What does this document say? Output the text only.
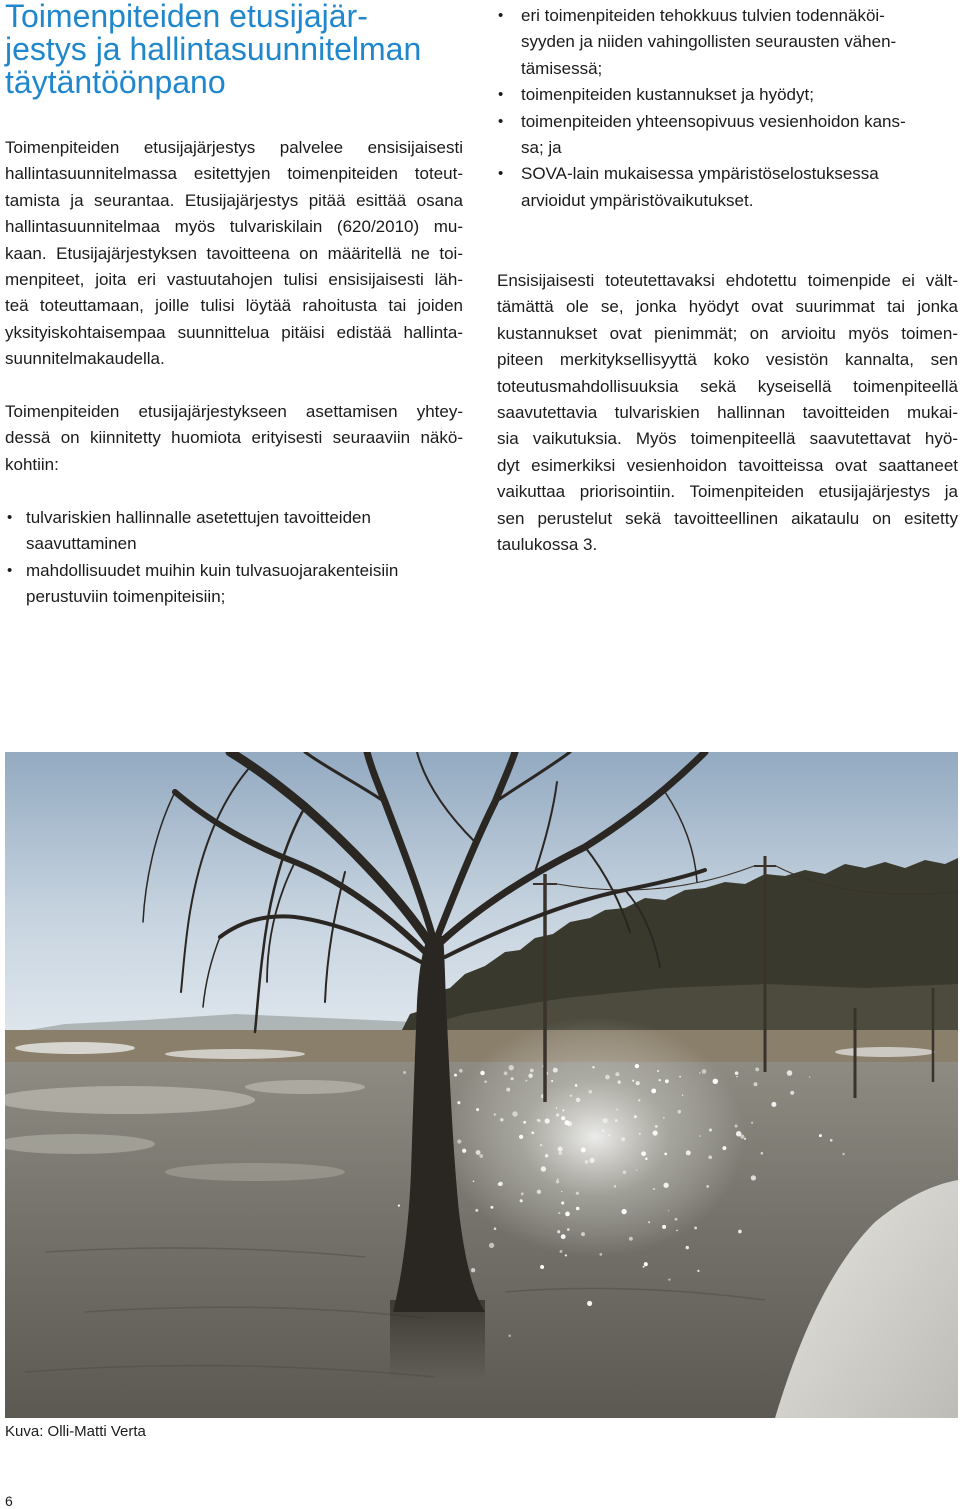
Toimenpiteiden etusijajär-
jestys ja hallintasuunnitelman
täytäntöönpano
Toimenpiteiden etusijajärjestys palvelee ensisijaisesti
hallintasuunnitelmassa esitettyjen toimenpiteiden toteut-
tamista ja seurantaa. Etusijajärjestys pitää esittää osana
hallintasuunnitelmaa myös tulvariskilain (620/2010) mu-
kaan. Etusijajärjestyksen tavoitteena on määritellä ne toi-
menpiteet, joita eri vastuutahojen tulisi ensisijaisesti läh-
teä toteuttamaan, joille tulisi löytää rahoitusta tai joiden
yksityiskohtaisempaa suunnittelua pitäisi edistää hallinta-
suunnitelmakaudella.
Toimenpiteiden etusijajärjestykseen asettamisen yhtey-
dessä on kiinnitetty huomiota erityisesti seuraaviin näkö-
kohtiin:
• tulvariskien hallinnalle asetettujen tavoitteiden
saavuttaminen
• mahdollisuudet muihin kuin tulvasuojarakenteisiin
perustuviin toimenpiteisiin;
• eri toimenpiteiden tehokkuus tulvien todennäköi-
syyden ja niiden vahingollisten seurausten vähen-
tämisessä;
• toimenpiteiden kustannukset ja hyödyt;
• toimenpiteiden yhteensopivuus vesienhoidon kans-
sa; ja
• SOVA-lain mukaisessa ympäristöselostuksessa
arvioidut ympäristövaikutukset.
Ensisijaisesti toteutettavaksi ehdotettu toimenpide ei vält-
tämättä ole se, jonka hyödyt ovat suurimmat tai jonka
kustannukset ovat pienimmät; on arvioitu myös toimen-
piteen merkityksellisyyttä koko vesistön kannalta, sen
toteutusmahdollisuuksia sekä kyseisellä toimenpiteellä
saavutettavia tulvariskien hallinnan tavoitteiden mukai-
sia vaikutuksia. Myös toimenpiteellä saavutettavat hyö-
dyt esimerkiksi vesienhoidon tavoitteissa ovat saattaneet
vaikuttaa priorisointiin. Toimenpiteiden etusijajärjestys ja
sen perustelut sekä tavoitteellinen aikataulu on esitetty
taulukossa 3.
Kuva: Olli-Matti Verta
6
